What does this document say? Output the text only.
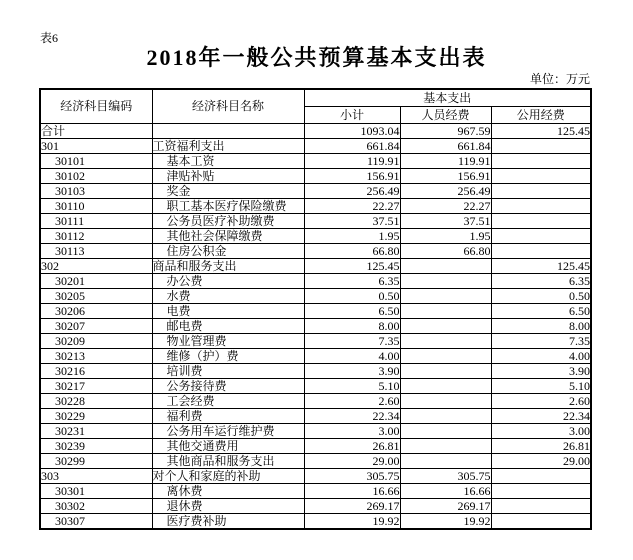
表6
2018年一般公共预算基本支出表
单位：万元
经济科目编码	经济科目名称	基本支出		
		小计	人员经费	公用经费
合计		1093.04	967.59	125.45
301	工资福利支出	661.84	661.84	
30101	基本工资	119.91	119.91	
30102	津贴补贴	156.91	156.91	
30103	奖金	256.49	256.49	
30110	职工基本医疗保险缴费	22.27	22.27	
30111	公务员医疗补助缴费	37.51	37.51	
30112	其他社会保障缴费	1.95	1.95	
30113	住房公积金	66.80	66.80	
302	商品和服务支出	125.45		125.45
30201	办公费	6.35		6.35
30205	水费	0.50		0.50
30206	电费	6.50		6.50
30207	邮电费	8.00		8.00
30209	物业管理费	7.35		7.35
30213	维修（护）费	4.00		4.00
30216	培训费	3.90		3.90
30217	公务接待费	5.10		5.10
30228	工会经费	2.60		2.60
30229	福利费	22.34		22.34
30231	公务用车运行维护费	3.00		3.00
30239	其他交通费用	26.81		26.81
30299	其他商品和服务支出	29.00		29.00
303	对个人和家庭的补助	305.75	305.75	
30301	离休费	16.66	16.66	
30302	退休费	269.17	269.17	
30307	医疗费补助	19.92	19.92	
